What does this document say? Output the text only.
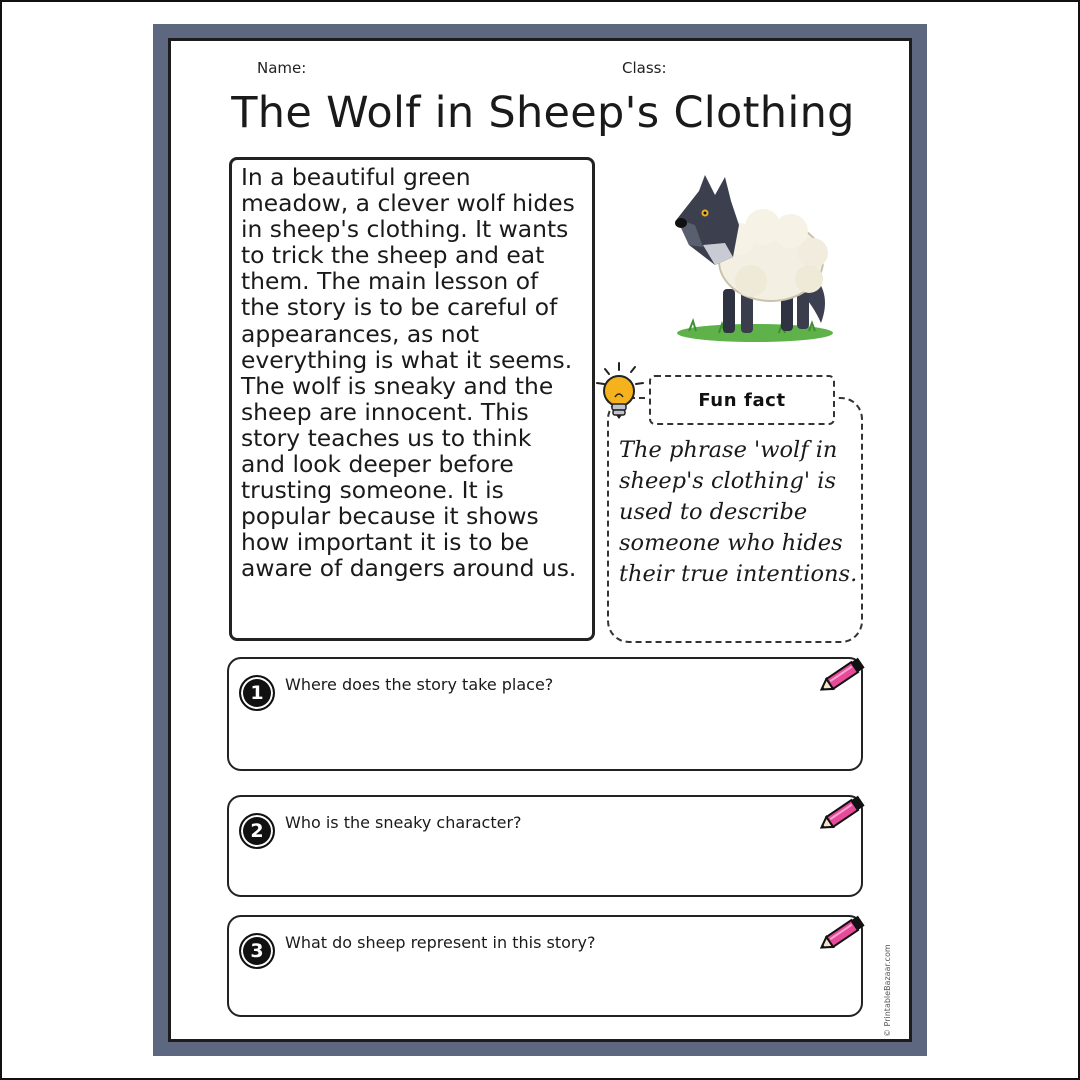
Name:	Class:
The Wolf in Sheep's Clothing
In a beautiful green meadow, a clever wolf hides in sheep's clothing. It wants to trick the sheep and eat them. The main lesson of the story is to be careful of appearances, as not everything is what it seems. The wolf is sneaky and the sheep are innocent. This story teaches us to think and look deeper before trusting someone. It is popular because it shows how important it is to be aware of dangers around us.
Fun fact
The phrase 'wolf in sheep's clothing' is used to describe someone who hides their true intentions.
1	Where does the story take place?
2	Who is the sneaky character?
3	What do sheep represent in this story?
© PrintableBazaar.com
